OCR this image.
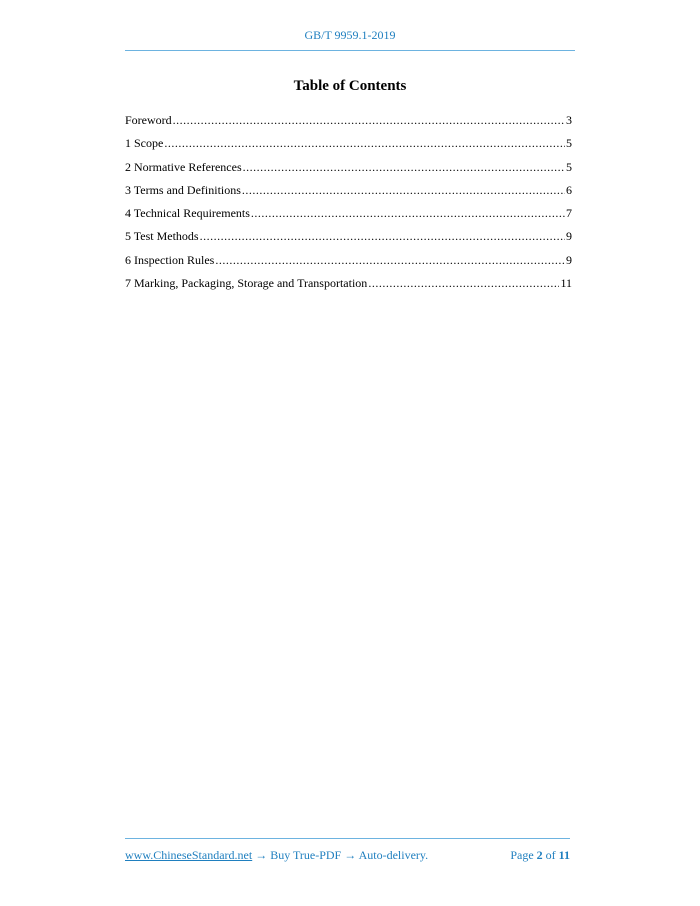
GB/T 9959.1-2019
Table of Contents
Foreword .....	3
1 Scope .....	5
2 Normative References .....	5
3 Terms and Definitions .....	6
4 Technical Requirements .....	7
5 Test Methods .....	9
6 Inspection Rules .....	9
7 Marking, Packaging, Storage and Transportation .....	11
www.ChineseStandard.net → Buy True-PDF → Auto-delivery.	Page 2 of 11
